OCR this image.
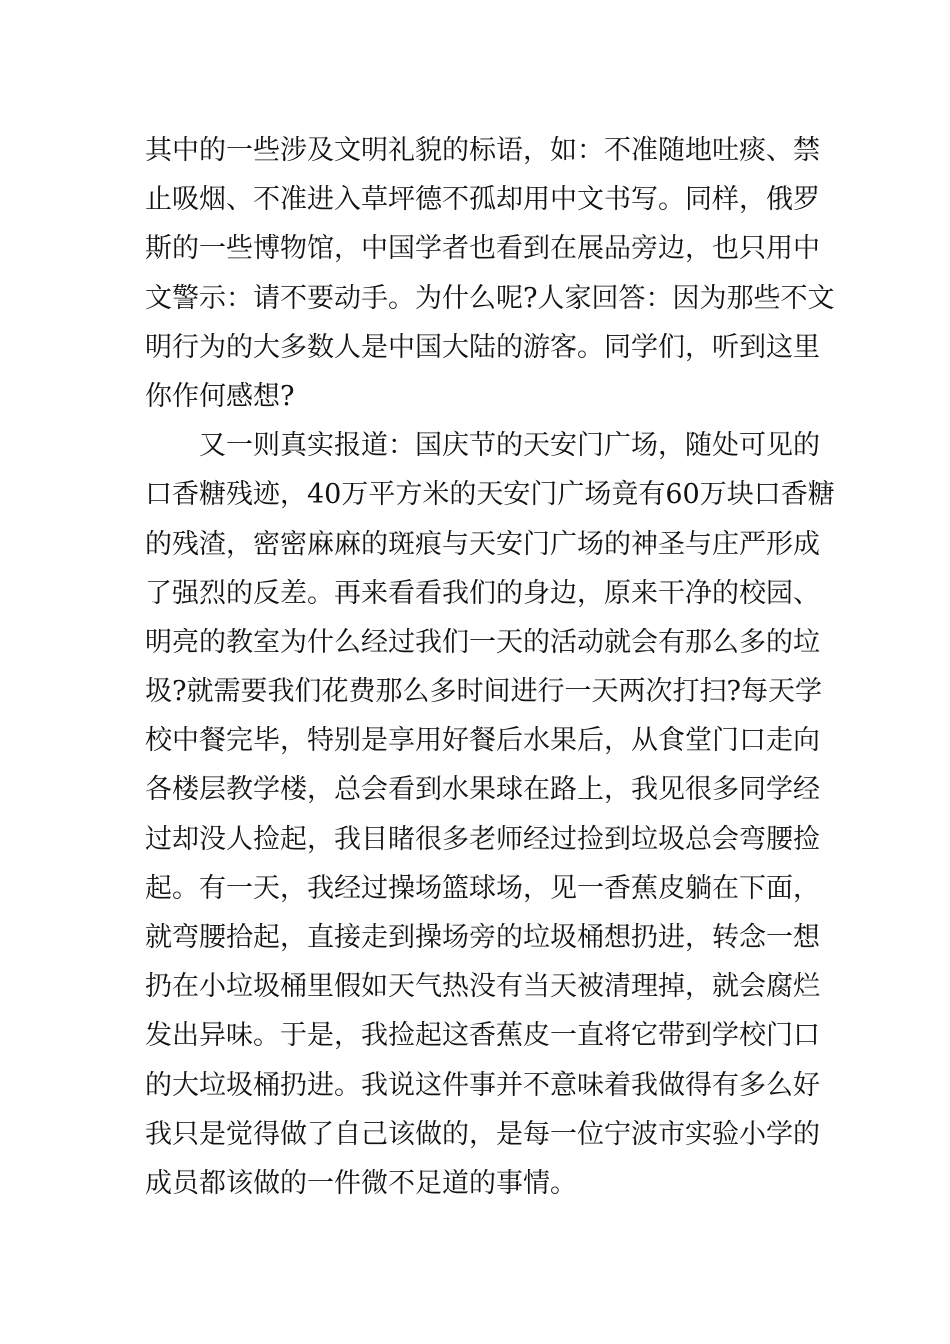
其中的一些涉及文明礼貌的标语，如：不准随地吐痰、禁
止吸烟、不准进入草坪德不孤却用中文书写。同样，俄罗
斯的一些博物馆，中国学者也看到在展品旁边，也只用中
文警示：请不要动手。为什么呢?人家回答：因为那些不文
明行为的大多数人是中国大陆的游客。同学们，听到这里
你作何感想?
　　又一则真实报道：国庆节的天安门广场，随处可见的
口香糖残迹，40万平方米的天安门广场竟有60万块口香糖
的残渣，密密麻麻的斑痕与天安门广场的神圣与庄严形成
了强烈的反差。再来看看我们的身边，原来干净的校园、
明亮的教室为什么经过我们一天的活动就会有那么多的垃
圾?就需要我们花费那么多时间进行一天两次打扫?每天学
校中餐完毕，特别是享用好餐后水果后，从食堂门口走向
各楼层教学楼，总会看到水果球在路上，我见很多同学经
过却没人捡起，我目睹很多老师经过捡到垃圾总会弯腰捡
起。有一天，我经过操场篮球场，见一香蕉皮躺在下面，
就弯腰拾起，直接走到操场旁的垃圾桶想扔进，转念一想
扔在小垃圾桶里假如天气热没有当天被清理掉，就会腐烂
发出异味。于是，我捡起这香蕉皮一直将它带到学校门口
的大垃圾桶扔进。我说这件事并不意味着我做得有多么好
我只是觉得做了自己该做的，是每一位宁波市实验小学的
成员都该做的一件微不足道的事情。
